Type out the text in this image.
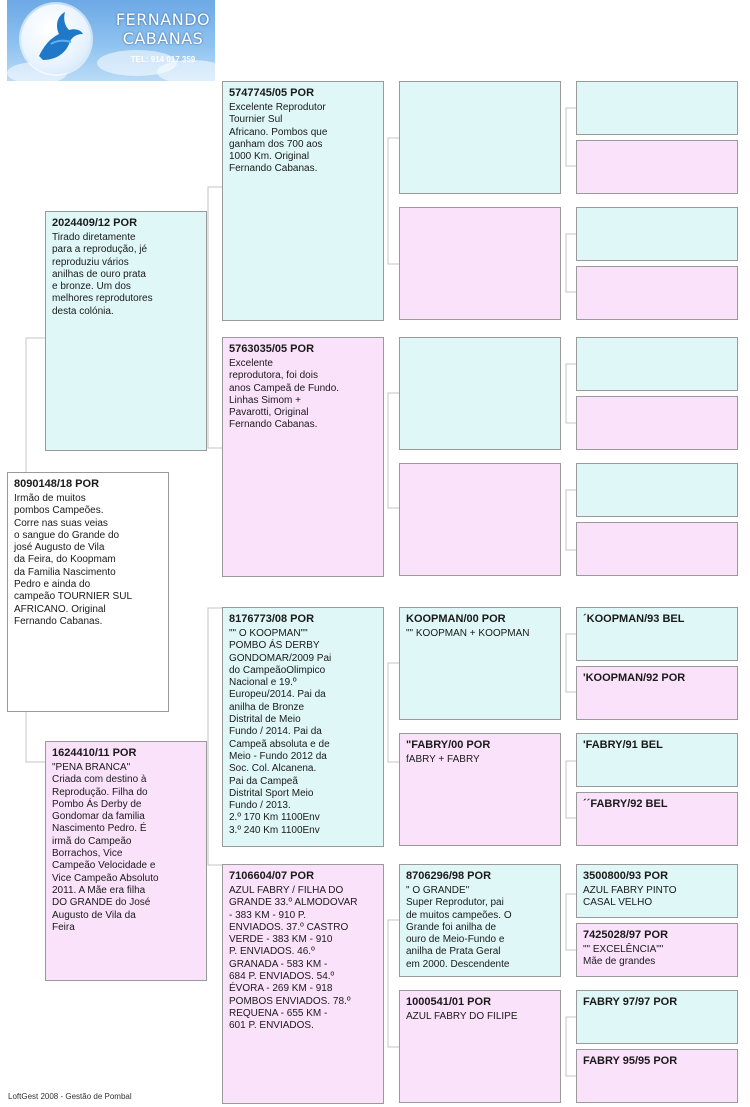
FERNANDO
CABANAS
TEL: 914 017 359
8090148/18 POR
Irmão de muitos
pombos Campeões.
Corre nas suas veias
o sangue do Grande do
josé Augusto de Vila
da Feira, do Koopmam
da Familia Nascimento
Pedro e ainda do
campeão TOURNIER SUL
AFRICANO. Original
Fernando Cabanas.
2024409/12 POR
Tirado diretamente
para a reprodução, jé
reproduziu vários
anilhas de ouro prata
e bronze. Um dos
melhores reprodutores
desta colónia.
1624410/11 POR
"PENA BRANCA"
Criada com destino à
Reprodução. Filha do
Pombo Ás Derby de
Gondomar da familia
Nascimento Pedro. É
irmã do Campeão
Borrachos, Vice
Campeão Velocidade e
Vice Campeão Absoluto
2011. A Mãe era filha
DO GRANDE do José
Augusto de Vila da
Feira
5747745/05 POR
Excelente Reprodutor
Tournier Sul
Africano. Pombos que
ganham dos 700 aos
1000 Km. Original
Fernando Cabanas.
5763035/05 POR
Excelente
reprodutora, foi dois
anos Campeã de Fundo.
Linhas Simom +
Pavarotti, Original
Fernando Cabanas.
8176773/08 POR
"" O KOOPMAN""
POMBO ÁS DERBY
GONDOMAR/2009 Pai
do CampeãoOlimpico
Nacional e 19.º
Europeu/2014. Pai da
anilha de Bronze
Distrital de Meio
Fundo / 2014. Pai da
Campeã absoluta e de
Meio - Fundo 2012 da
Soc. Col. Alcanena.
Pai da Campeã
Distrital Sport Meio
Fundo / 2013.
2.º 170 Km 1100Env
3.º 240 Km 1100Env
7106604/07 POR
AZUL FABRY / FILHA DO
GRANDE 33.º ALMODOVAR
- 383 KM - 910 P.
ENVIADOS. 37.º CASTRO
VERDE - 383 KM - 910
P. ENVIADOS. 46.º
GRANADA - 583 KM -
684 P. ENVIADOS. 54.º
ÉVORA - 269 KM - 918
POMBOS ENVIADOS. 78.º
REQUENA - 655 KM -
601 P. ENVIADOS.
KOOPMAN/00 POR
"" KOOPMAN + KOOPMAN
"FABRY/00 POR
fABRY + FABRY
8706296/98 POR
" O GRANDE"
Super Reprodutor, pai
de muitos campeões. O
Grande foi anilha de
ouro de Meio-Fundo e
anilha de Prata Geral
em 2000. Descendente
1000541/01 POR
AZUL FABRY DO FILIPE
´KOOPMAN/93 BEL
'KOOPMAN/92 POR
'FABRY/91 BEL
´´FABRY/92 BEL
3500800/93 POR
AZUL FABRY PINTO
CASAL VELHO
7425028/97 POR
"" EXCELÊNCIA""
Mãe de grandes
FABRY 97/97 POR
FABRY 95/95 POR
LoftGest 2008 - Gestão de Pombal
